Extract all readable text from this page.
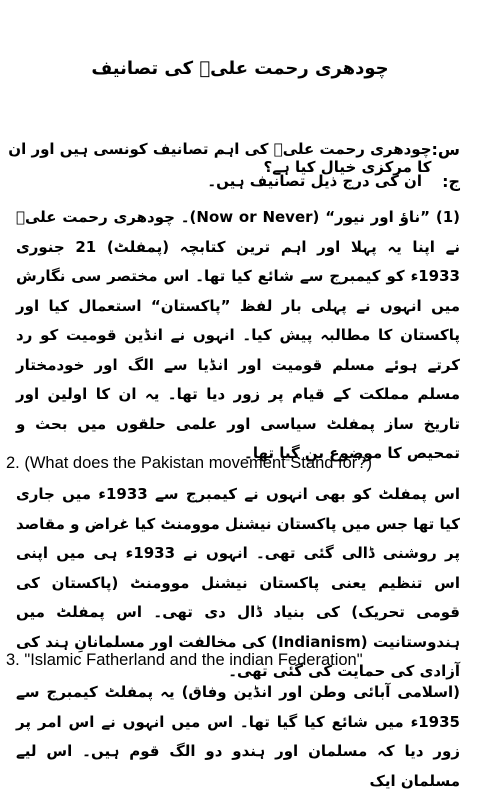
چودھری رحمت علیؒ کی تصانیف
س:
چودھری رحمت علیؒ کی اہم تصانیف کونسی ہیں اور ان کا مرکزی خیال کیا ہے؟
ج:
ان کی درج ذیل تصانیف ہیں۔
(1) ”ناؤ اور نیور“ (Now or Never)۔ چودھری رحمت علیؒ نے اپنا یہ پہلا اور اہم ترین کتابچہ (پمفلٹ) 21 جنوری 1933ء کو کیمبرج سے شائع کیا تھا۔ اس مختصر سی نگارش میں انہوں نے پہلی بار لفظ ”پاکستان“ استعمال کیا اور پاکستان کا مطالبہ پیش کیا۔ انہوں نے انڈین قومیت کو رد کرتے ہوئے مسلم قومیت اور انڈیا سے الگ اور خودمختار مسلم مملکت کے قیام پر زور دیا تھا۔ یہ ان کا اولین اور تاریخ ساز پمفلٹ سیاسی اور علمی حلقوں میں بحث و تمحیص کا موضوع بن گیا تھا۔
2. (What does the Pakistan movement Stand for?)
اس پمفلٹ کو بھی انہوں نے کیمبرج سے 1933ء میں جاری کیا تھا جس میں پاکستان نیشنل موومنٹ کیا غراض و مقاصد پر روشنی ڈالی گئی تھی۔ انہوں نے 1933ء ہی میں اپنی اس تنظیم یعنی پاکستان نیشنل موومنٹ (پاکستان کی قومی تحریک) کی بنیاد ڈال دی تھی۔ اس پمفلٹ میں ہندوستانیت (Indianism) کی مخالفت اور مسلمانانِ ہند کی آزادی کی حمایت کی گئی تھی۔
3. "Islamic Fatherland and the indian Federation"
(اسلامی آبائی وطن اور انڈین وفاق) یہ پمفلٹ کیمبرج سے 1935ء میں شائع کیا گیا تھا۔ اس میں انہوں نے اس امر پر زور دیا کہ مسلمان اور ہندو دو الگ قوم ہیں۔ اس لیے مسلمان ایک
